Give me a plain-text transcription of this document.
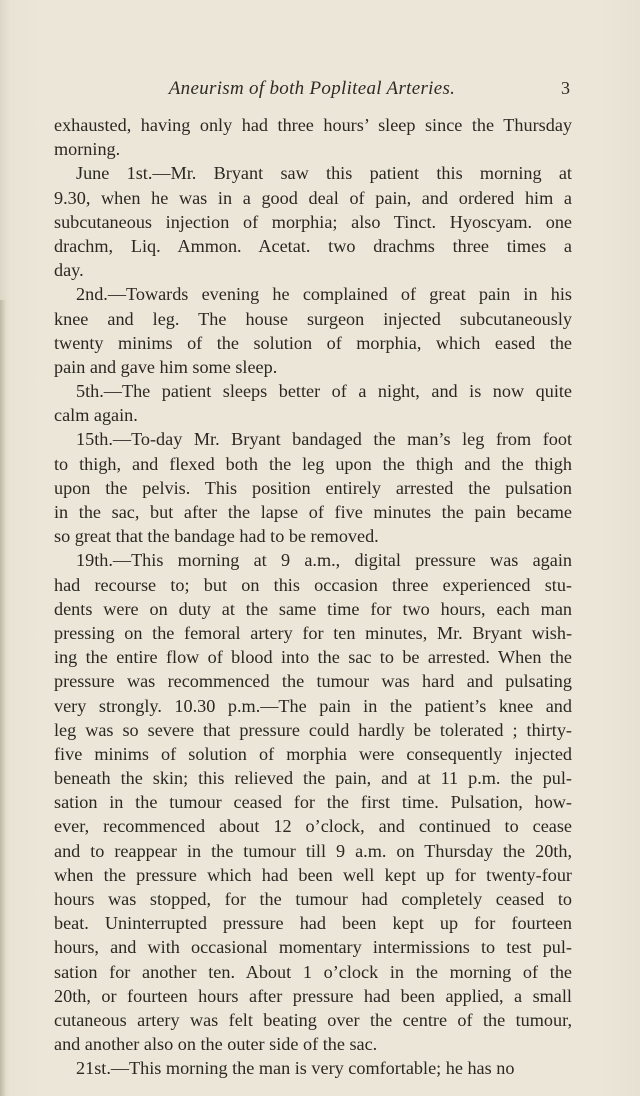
Aneurism of both Popliteal Arteries.	3
exhausted, having only had three hours’ sleep since the Thursday
morning.
June 1st.—Mr. Bryant saw this patient this morning at
9.30, when he was in a good deal of pain, and ordered him a
subcutaneous injection of morphia; also Tinct. Hyoscyam. one
drachm, Liq. Ammon. Acetat. two drachms three times a
day.
2nd.—Towards evening he complained of great pain in his
knee and leg. The house surgeon injected subcutaneously
twenty minims of the solution of morphia, which eased the
pain and gave him some sleep.
5th.—The patient sleeps better of a night, and is now quite
calm again.
15th.—To-day Mr. Bryant bandaged the man’s leg from foot
to thigh, and flexed both the leg upon the thigh and the thigh
upon the pelvis. This position entirely arrested the pulsation
in the sac, but after the lapse of five minutes the pain became
so great that the bandage had to be removed.
19th.—This morning at 9 a.m., digital pressure was again
had recourse to; but on this occasion three experienced stu-
dents were on duty at the same time for two hours, each man
pressing on the femoral artery for ten minutes, Mr. Bryant wish-
ing the entire flow of blood into the sac to be arrested. When the
pressure was recommenced the tumour was hard and pulsating
very strongly. 10.30 p.m.—The pain in the patient’s knee and
leg was so severe that pressure could hardly be tolerated ; thirty-
five minims of solution of morphia were consequently injected
beneath the skin; this relieved the pain, and at 11 p.m. the pul-
sation in the tumour ceased for the first time. Pulsation, how-
ever, recommenced about 12 o’clock, and continued to cease
and to reappear in the tumour till 9 a.m. on Thursday the 20th,
when the pressure which had been well kept up for twenty-four
hours was stopped, for the tumour had completely ceased to
beat. Uninterrupted pressure had been kept up for fourteen
hours, and with occasional momentary intermissions to test pul-
sation for another ten. About 1 o’clock in the morning of the
20th, or fourteen hours after pressure had been applied, a small
cutaneous artery was felt beating over the centre of the tumour,
and another also on the outer side of the sac.
21st.—This morning the man is very comfortable; he has no
